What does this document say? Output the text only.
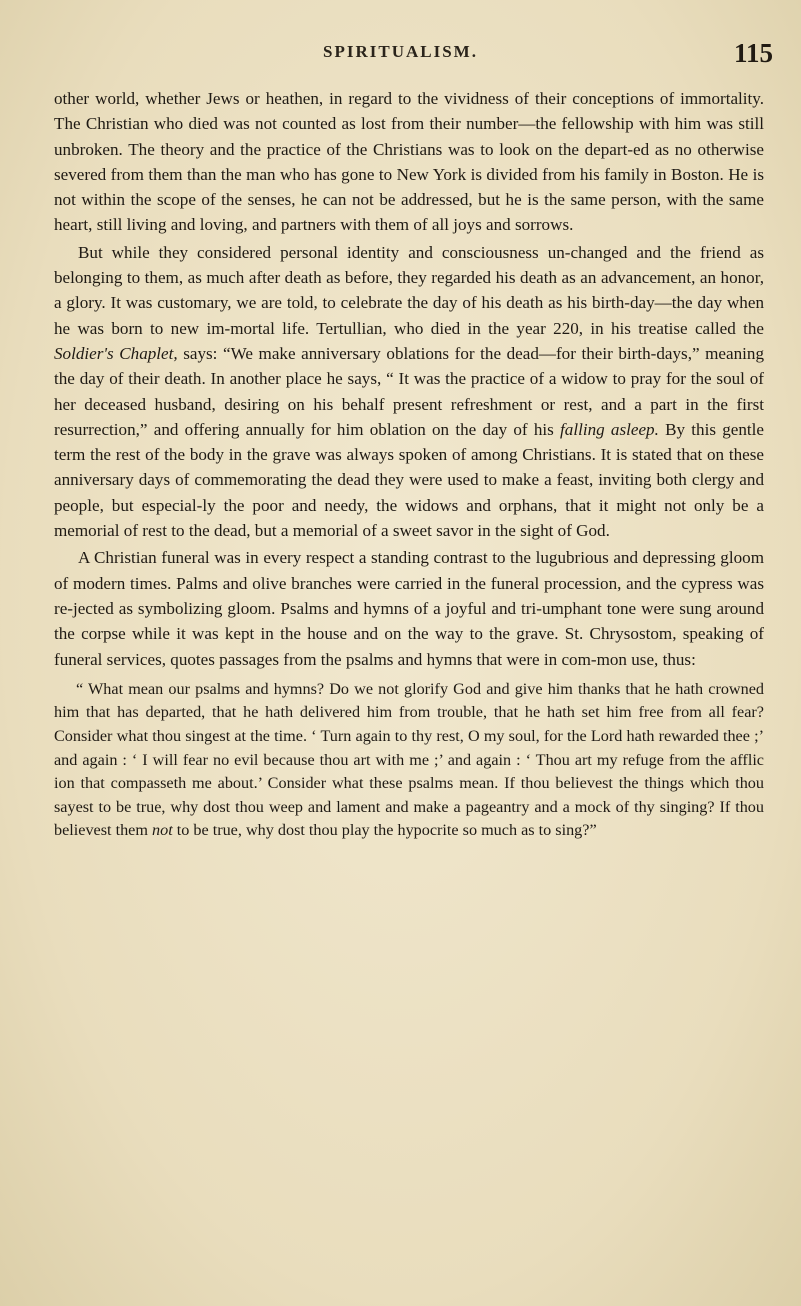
SPIRITUALISM.	115

other world, whether Jews or heathen, in regard to the vividness of their conceptions of immortality. The Christian who died was not counted as lost from their number—the fellowship with him was still unbroken. The theory and the practice of the Christians was to look on the depart-ed as no otherwise severed from them than the man who has gone to New York is divided from his family in Boston. He is not within the scope of the senses, he can not be addressed, but he is the same person, with the same heart, still living and loving, and partners with them of all joys and sorrows.

But while they considered personal identity and consciousness un-changed and the friend as belonging to them, as much after death as before, they regarded his death as an advancement, an honor, a glory. It was customary, we are told, to celebrate the day of his death as his birth-day—the day when he was born to new im-mortal life. Tertullian, who died in the year 220, in his treatise called the Soldier's Chaplet, says: “We make anniversary oblations for the dead—for their birth-days,” meaning the day of their death. In another place he says, “ It was the practice of a widow to pray for the soul of her deceased husband, desiring on his behalf present refreshment or rest, and a part in the first resurrection,” and offering annually for him oblation on the day of his falling asleep. By this gentle term the rest of the body in the grave was always spoken of among Christians. It is stated that on these anniversary days of commemorating the dead they were used to make a feast, inviting both clergy and people, but especial-ly the poor and needy, the widows and orphans, that it might not only be a memorial of rest to the dead, but a memorial of a sweet savor in the sight of God.

A Christian funeral was in every respect a standing contrast to the lugubrious and depressing gloom of modern times. Palms and olive branches were carried in the funeral procession, and the cypress was re-jected as symbolizing gloom. Psalms and hymns of a joyful and tri-umphant tone were sung around the corpse while it was kept in the house and on the way to the grave. St. Chrysostom, speaking of funeral services, quotes passages from the psalms and hymns that were in com-mon use, thus:

“ What mean our psalms and hymns? Do we not glorify God and give him thanks that he hath crowned him that has departed, that he hath delivered him from trouble, that he hath set him free from all fear? Consider what thou singest at the time. ‘ Turn again to thy rest, O my soul, for the Lord hath rewarded thee ;’ and again : ‘ I will fear no evil because thou art with me ;’ and again : ‘ Thou art my refuge from the afflic ion that compasseth me about.’ Consider what these psalms mean. If thou believest the things which thou sayest to be true, why dost thou weep and lament and make a pageantry and a mock of thy singing? If thou believest them not to be true, why dost thou play the hypocrite so much as to sing?”
